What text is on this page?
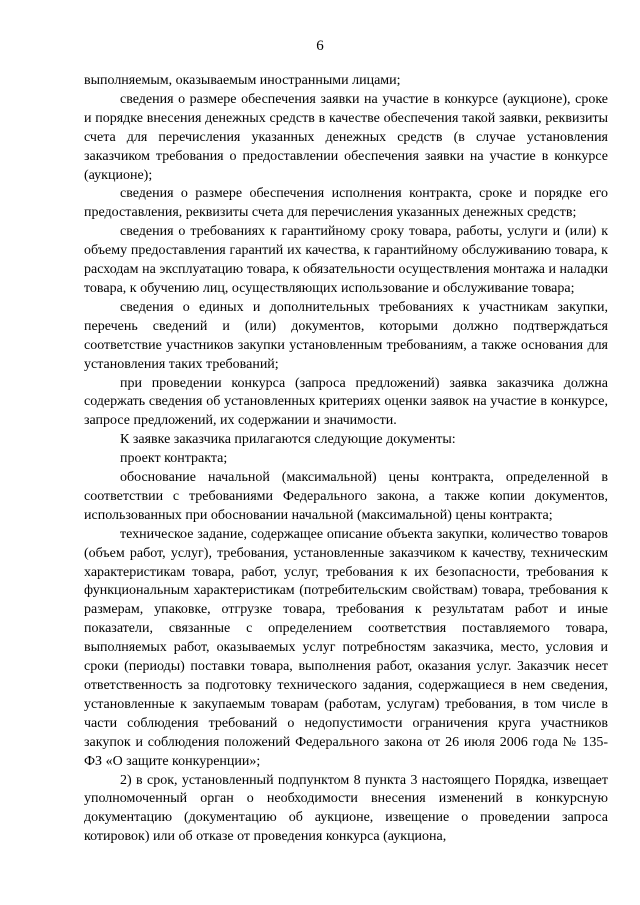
6

выполняемым, оказываемым иностранными лицами;

сведения о размере обеспечения заявки на участие в конкурсе (аукционе), сроке и порядке внесения денежных средств в качестве обеспечения такой заявки, реквизиты счета для перечисления указанных денежных средств (в случае установления заказчиком требования о предоставлении обеспечения заявки на участие в конкурсе (аукционе);

сведения о размере обеспечения исполнения контракта, сроке и порядке его предоставления, реквизиты счета для перечисления указанных денежных средств;

сведения о требованиях к гарантийному сроку товара, работы, услуги и (или) к объему предоставления гарантий их качества, к гарантийному обслуживанию товара, к расходам на эксплуатацию товара, к обязательности осуществления монтажа и наладки товара, к обучению лиц, осуществляющих использование и обслуживание товара;

сведения о единых и дополнительных требованиях к участникам закупки, перечень сведений и (или) документов, которыми должно подтверждаться соответствие участников закупки установленным требованиям, а также основания для установления таких требований;

при проведении конкурса (запроса предложений) заявка заказчика должна содержать сведения об установленных критериях оценки заявок на участие в конкурсе, запросе предложений, их содержании и значимости.

К заявке заказчика прилагаются следующие документы:

проект контракта;

обоснование начальной (максимальной) цены контракта, определенной в соответствии с требованиями Федерального закона, а также копии документов, использованных при обосновании начальной (максимальной) цены контракта;

техническое задание, содержащее описание объекта закупки, количество товаров (объем работ, услуг), требования, установленные заказчиком к качеству, техническим характеристикам товара, работ, услуг, требования к их безопасности, требования к функциональным характеристикам (потребительским свойствам) товара, требования к размерам, упаковке, отгрузке товара, требования к результатам работ и иные показатели, связанные с определением соответствия поставляемого товара, выполняемых работ, оказываемых услуг потребностям заказчика, место, условия и сроки (периоды) поставки товара, выполнения работ, оказания услуг. Заказчик несет ответственность за подготовку технического задания, содержащиеся в нем сведения, установленные к закупаемым товарам (работам, услугам) требования, в том числе в части соблюдения требований о недопустимости ограничения круга участников закупок и соблюдения положений Федерального закона от 26 июля 2006 года № 135-ФЗ «О защите конкуренции»;

2) в срок, установленный подпунктом 8 пункта 3 настоящего Порядка, извещает уполномоченный орган о необходимости внесения изменений в конкурсную документацию (документацию об аукционе, извещение о проведении запроса котировок) или об отказе от проведения конкурса (аукциона,
